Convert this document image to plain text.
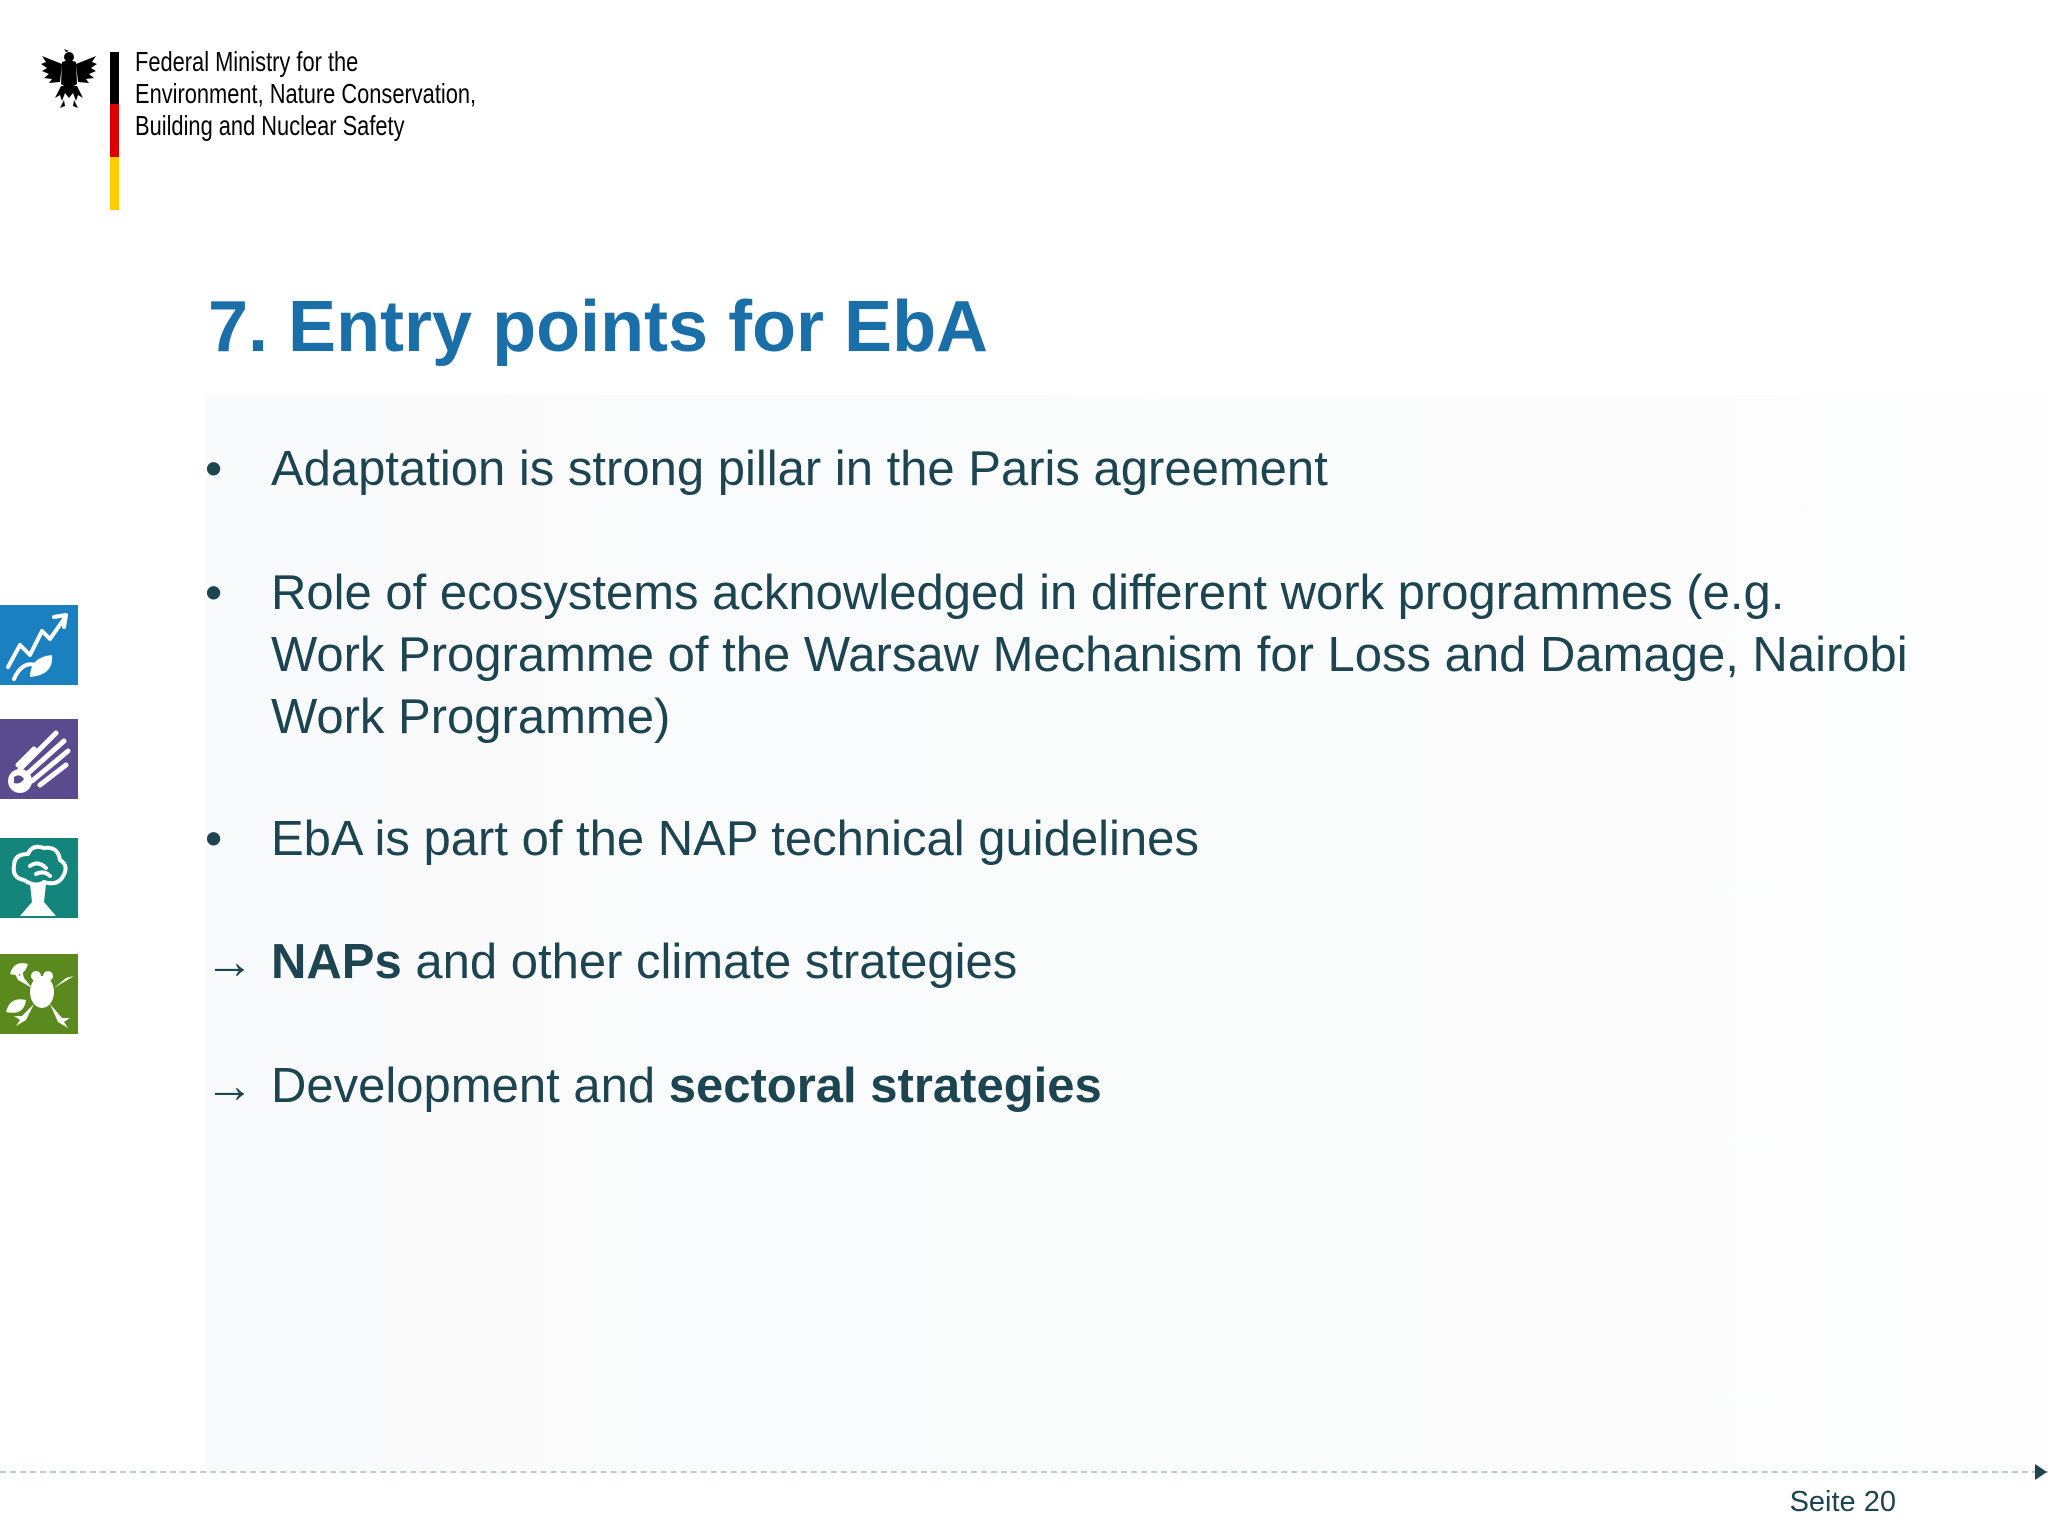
Federal Ministry for the
Environment, Nature Conservation,
Building and Nuclear Safety
7. Entry points for EbA
• Adaptation is strong pillar in the Paris agreement
• Role of ecosystems acknowledged in different work programmes (e.g. Work Programme of the Warsaw Mechanism for Loss and Damage, Nairobi Work Programme)
• EbA is part of the NAP technical guidelines
→ NAPs and other climate strategies
→ Development and sectoral strategies
Seite 20
